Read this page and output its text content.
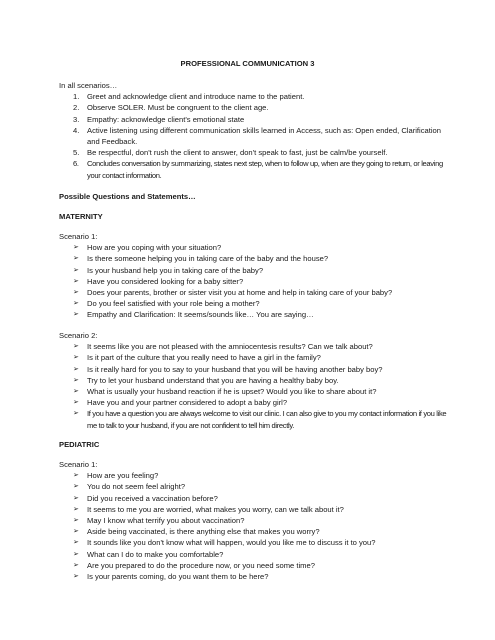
PROFESSIONAL COMMUNICATION 3
In all scenarios…
1. Greet and acknowledge client and introduce name to the patient.
2. Observe SOLER. Must be congruent to the client age.
3. Empathy: acknowledge client's emotional state
4. Active listening using different communication skills learned in Access, such as: Open ended, Clarification and Feedback.
5. Be respectful, don't rush the client to answer, don't speak to fast, just be calm/be yourself.
6. Concludes conversation by summarizing, states next step, when to follow up, when are they going to return, or leaving your contact information.
Possible Questions and Statements…
MATERNITY
Scenario 1:
➢ How are you coping with your situation?
➢ Is there someone helping you in taking care of the baby and the house?
➢ Is your husband help you in taking care of the baby?
➢ Have you considered looking for a baby sitter?
➢ Does your parents, brother or sister visit you at home and help in taking care of your baby?
➢ Do you feel satisfied with your role being a mother?
➢ Empathy and Clarification: It seems/sounds like… You are saying…
Scenario 2:
➢ It seems like you are not pleased with the amniocentesis results? Can we talk about?
➢ Is it part of the culture that you really need to have a girl in the family?
➢ Is it really hard for you to say to your husband that you will be having another baby boy?
➢ Try to let your husband understand that you are having a healthy baby boy.
➢ What is usually your husband reaction if he is upset? Would you like to share about it?
➢ Have you and your partner considered to adopt a baby girl?
➢ If you have a question you are always welcome to visit our clinic. I can also give to you my contact information if you like me to talk to your husband, if you are not confident to tell him directly.
PEDIATRIC
Scenario 1:
➢ How are you feeling?
➢ You do not seem feel alright?
➢ Did you received a vaccination before?
➢ It seems to me you are worried, what makes you worry, can we talk about it?
➢ May I know what terrify you about vaccination?
➢ Aside being vaccinated, is there anything else that makes you worry?
➢ It sounds like you don't know what will happen, would you like me to discuss it to you?
➢ What can I do to make you comfortable?
➢ Are you prepared to do the procedure now, or you need some time?
➢ Is your parents coming, do you want them to be here?
